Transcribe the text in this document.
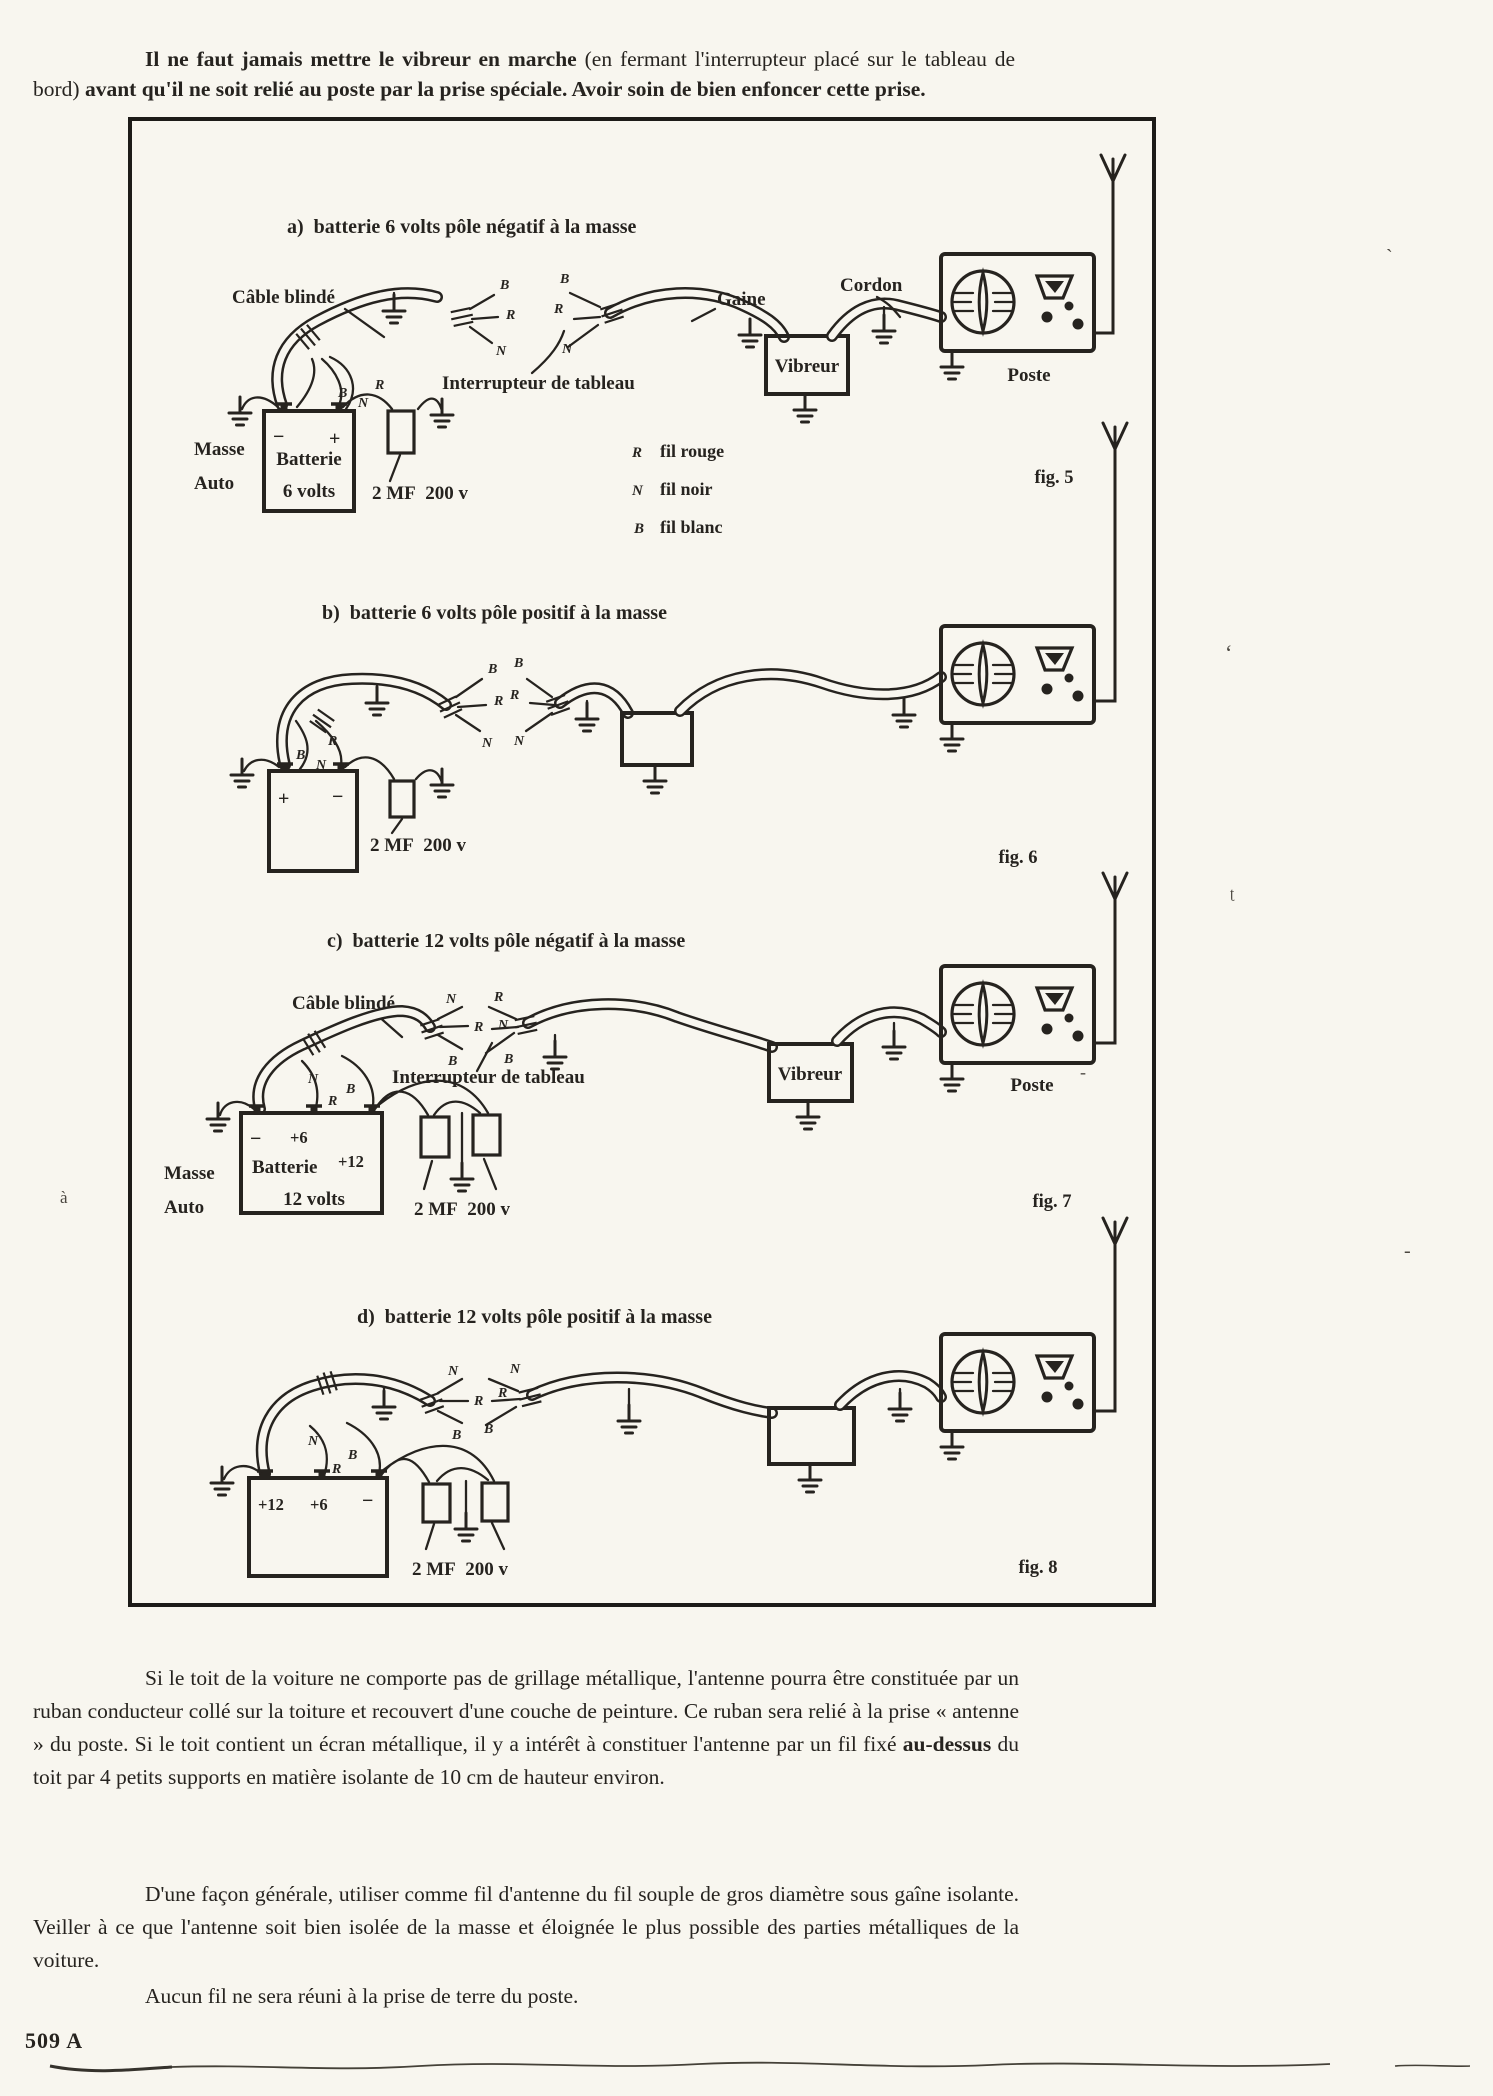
Il ne faut jamais mettre le vibreur en marche (en fermant l'interrupteur placé sur le tableau de bord) avant qu'il ne soit relié au poste par la prise spéciale. Avoir soin de bien enfoncer cette prise.

a)  batterie 6 volts pôle négatif à la masse
B
R
N
B
R
N
− +
Batterie
6 volts
Masse
Auto
B
N
R
2 MF  200 v
Vibreur	Poste
Câble blindé
Interrupteur de tableau
Gaine
Cordon
R fil rouge
N fil noir
B fil blanc
fig. 5
b)  batterie 6 volts pôle positif à la masse
B
R
N
B
R
N
+ −
B
N
R
2 MF  200 v
fig. 6
c)  batterie 12 volts pôle négatif à la masse
Câble blindé	N
R
B
R
N
B
Interrupteur de tableau
− +6
+12
Batterie
12 volts
Masse
Auto
N
B
R
2 MF  200 v
Vibreur
Poste
fig. 7
d)  batterie 12 volts pôle positif à la masse
N
R
B
N
R
B
+12 +6 −
N
B
R
2 MF  200 v	fig. 8

Si le toit de la voiture ne comporte pas de grillage métallique, l'antenne pourra être constituée par un ruban conducteur collé sur la toiture et recouvert d'une couche de peinture. Ce ruban sera relié à la prise « antenne » du poste. Si le toit contient un écran métallique, il y a intérêt à constituer l'antenne par un fil fixé au-dessus du toit par 4 petits supports en matière isolante de 10 cm de hauteur environ.

D'une façon générale, utiliser comme fil d'antenne du fil souple de gros diamètre sous gaîne isolante. Veiller à ce que l'antenne soit bien isolée de la masse et éloignée le plus possible des parties métalliques de la voiture.

Aucun fil ne sera réuni à la prise de terre du poste.

509 A
ʻ
ʈ
-
à
`
-
